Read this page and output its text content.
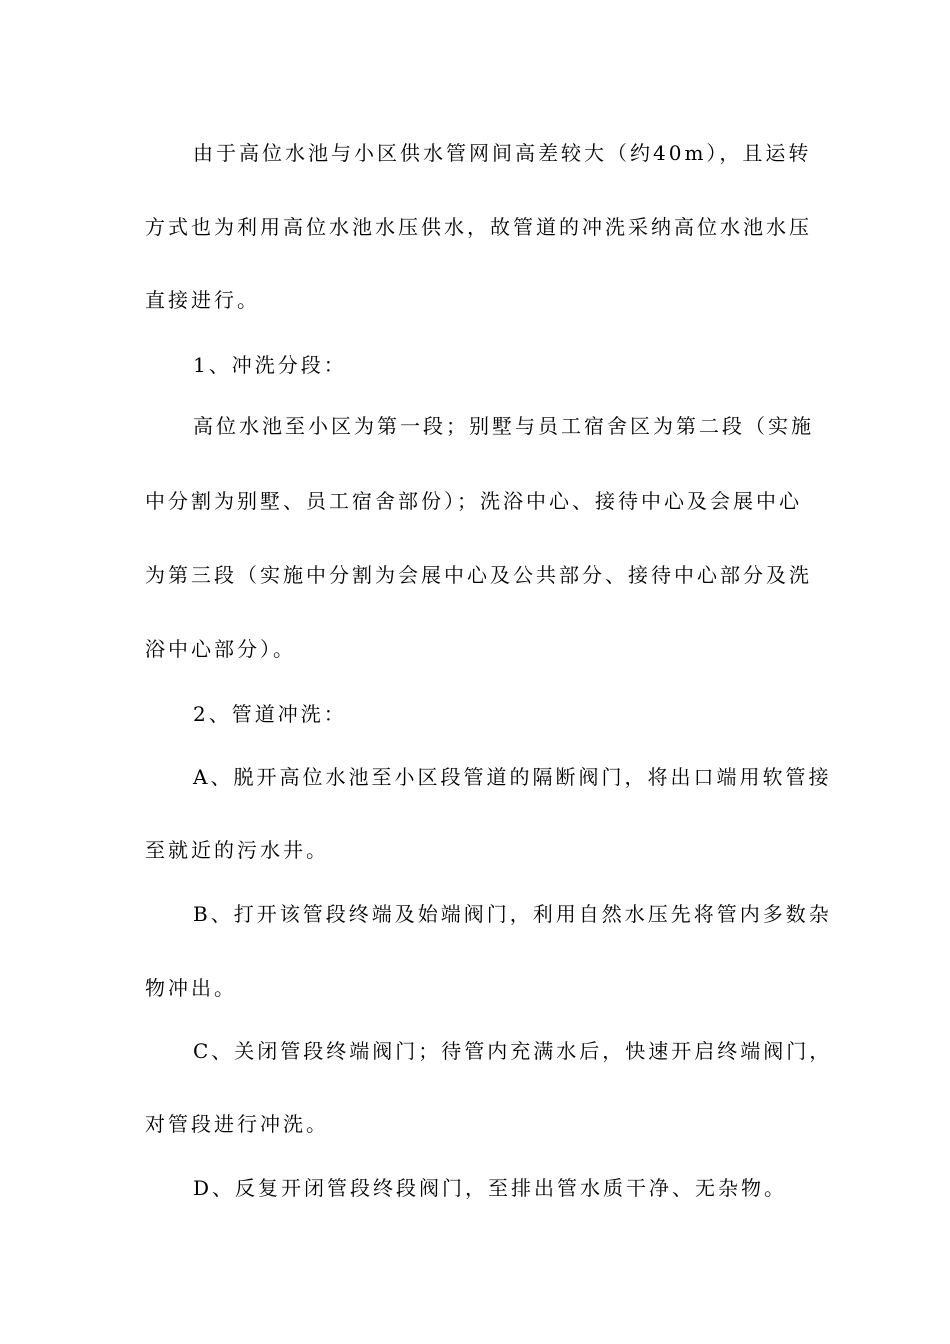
由于高位水池与小区供水管网间高差较大（约40m），且运转
方式也为利用高位水池水压供水，故管道的冲洗采纳高位水池水压
直接进行。
1、冲洗分段：
高位水池至小区为第一段；别墅与员工宿舍区为第二段（实施
中分割为别墅、员工宿舍部份）；洗浴中心、接待中心及会展中心
为第三段（实施中分割为会展中心及公共部分、接待中心部分及洗
浴中心部分）。
2、管道冲洗：
A、脱开高位水池至小区段管道的隔断阀门，将出口端用软管接
至就近的污水井。
B、打开该管段终端及始端阀门，利用自然水压先将管内多数杂
物冲出。
C、关闭管段终端阀门；待管内充满水后，快速开启终端阀门，
对管段进行冲洗。
D、反复开闭管段终段阀门，至排出管水质干净、无杂物。
